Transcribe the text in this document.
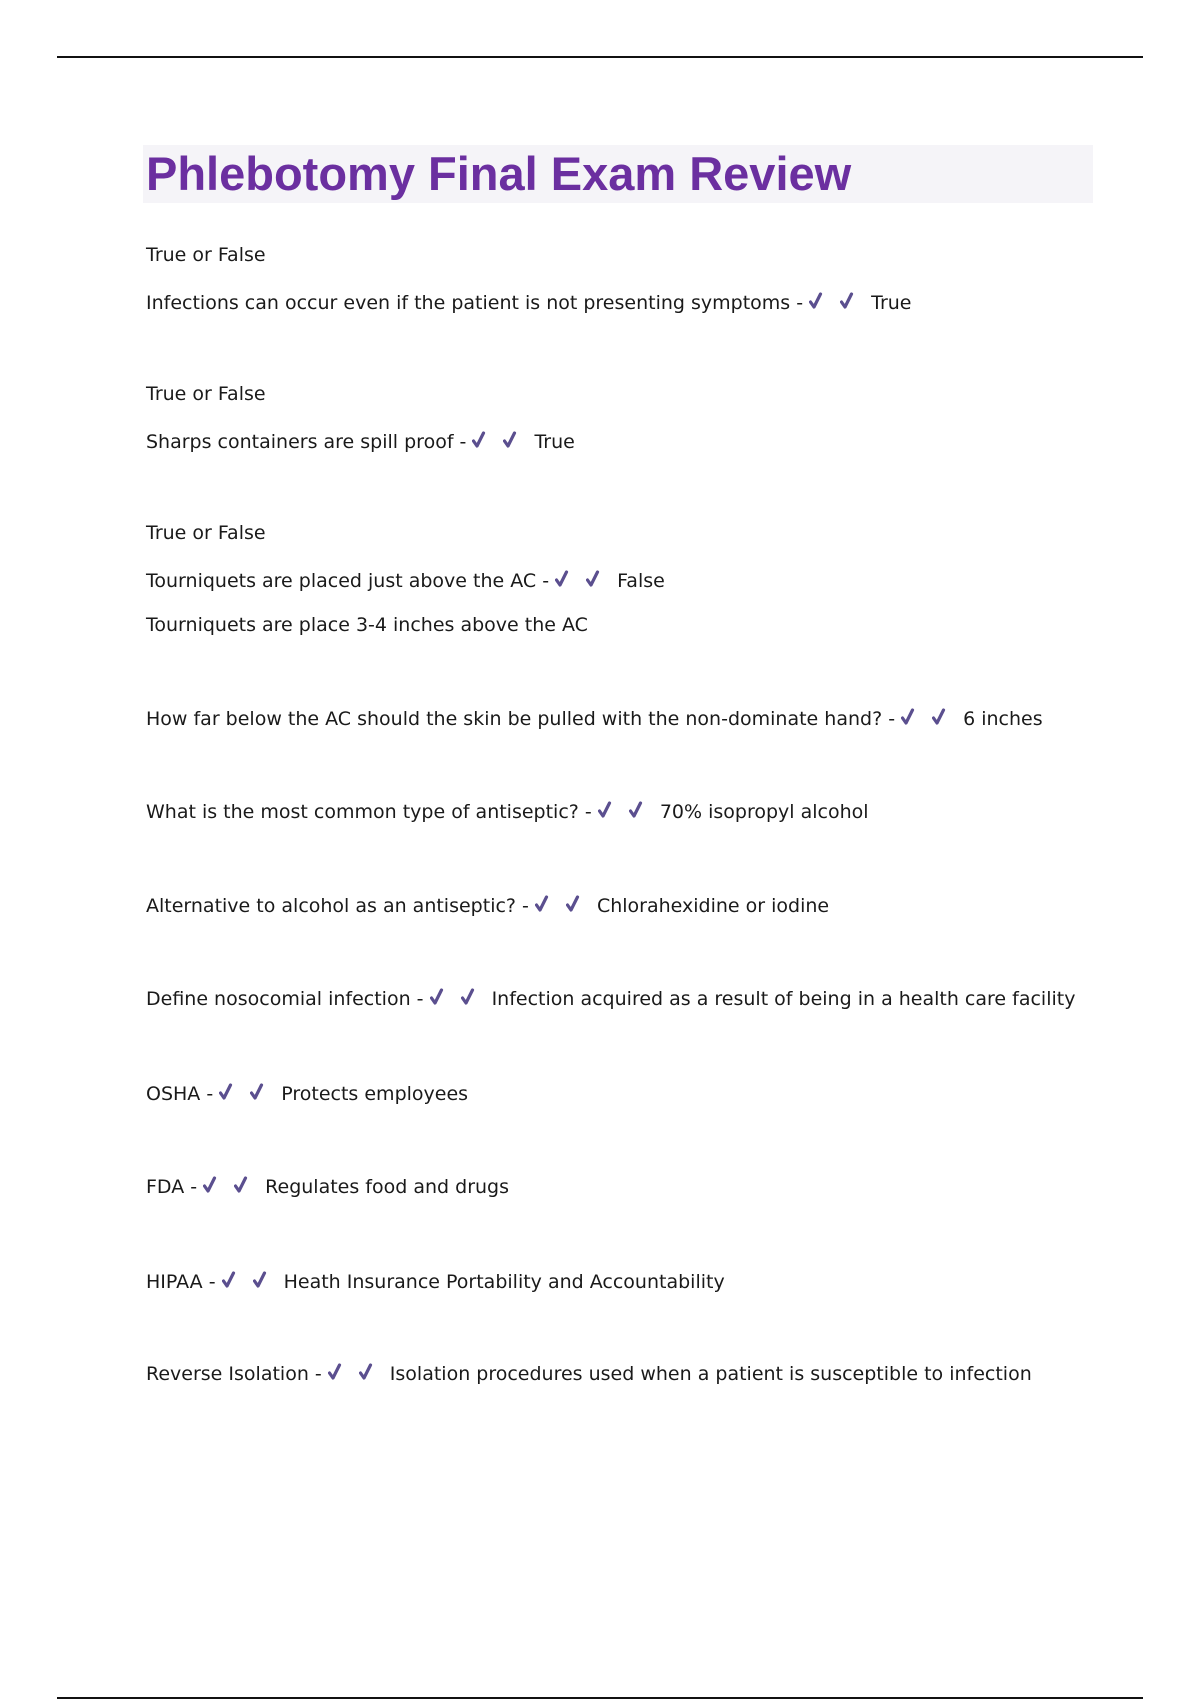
Phlebotomy Final Exam Review
True or False
Infections can occur even if the patient is not presenting symptoms -	True
True or False
Sharps containers are spill proof -	True
True or False
Tourniquets are placed just above the AC -	False
Tourniquets are place 3-4 inches above the AC
How far below the AC should the skin be pulled with the non-dominate hand? -	6 inches
What is the most common type of antiseptic? -	70% isopropyl alcohol
Alternative to alcohol as an antiseptic? -	Chlorahexidine or iodine
Define nosocomial infection -	Infection acquired as a result of being in a health care facility
OSHA -	Protects employees
FDA -	Regulates food and drugs
HIPAA -	Heath Insurance Portability and Accountability
Reverse Isolation -	Isolation procedures used when a patient is susceptible to infection
